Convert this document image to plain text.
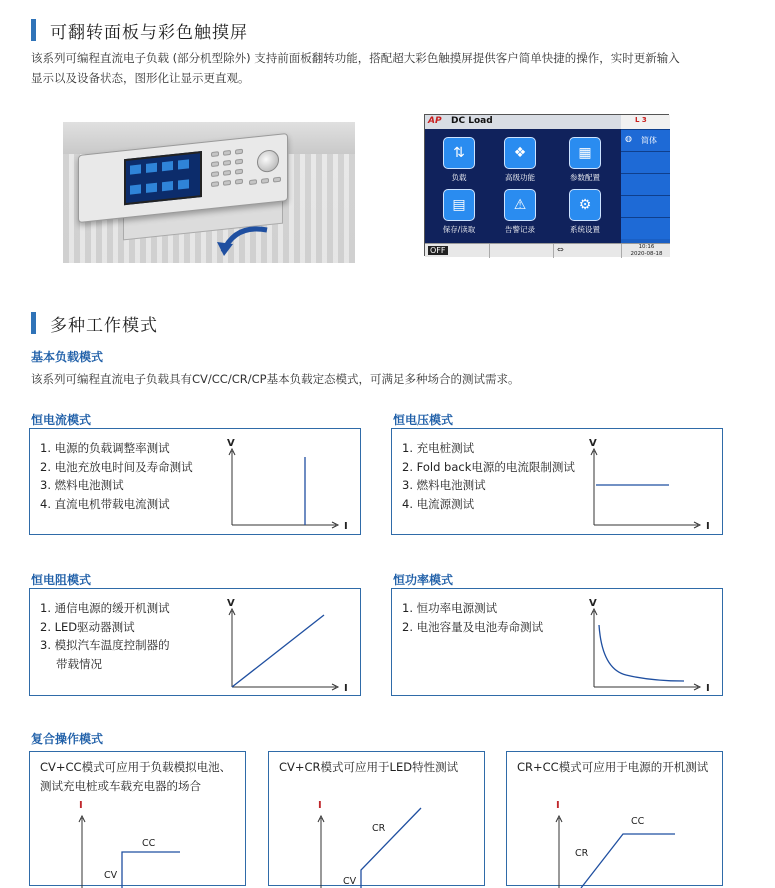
可翻转面板与彩色触摸屏
该系列可编程直流电子负载 (部分机型除外) 支持前面板翻转功能，搭配超大彩色触摸屏提供客户简单快捷的操作，实时更新输入
显示以及设备状态，图形化让显示更直观。
AP DC Load	L 3
◍ 简体
⇅
负载
❖
高级功能
▦
参数配置
▤
保存/读取
⚠
告警记录
⚙
系统设置
OFF	⇔	10:16
2020-08-18
多种工作模式
基本负载模式
该系列可编程直流电子负载具有CV/CC/CR/CP基本负载定态模式，可满足多种场合的测试需求。
恒电流模式
1. 电源的负载调整率测试
2. 电池充放电时间及寿命测试
3. 燃料电池测试
4. 直流电机带载电流测试
V
I
恒电压模式
1. 充电桩测试
2. Fold back电源的电流限制测试
3. 燃料电池测试
4. 电流源测试
V
I
恒电阻模式
1. 通信电源的缓开机测试
2. LED驱动器测试
3. 模拟汽车温度控制器的
带载情况
V
I
恒功率模式
1. 恒功率电源测试
2. 电池容量及电池寿命测试
V
I
复合操作模式
CV+CC模式可应用于负载模拟电池、
测试充电桩或车载充电器的场合
I
CC
CV
CV+CR模式可应用于LED特性测试
I
CR
CV
CR+CC模式可应用于电源的开机测试
I
CC
CR
